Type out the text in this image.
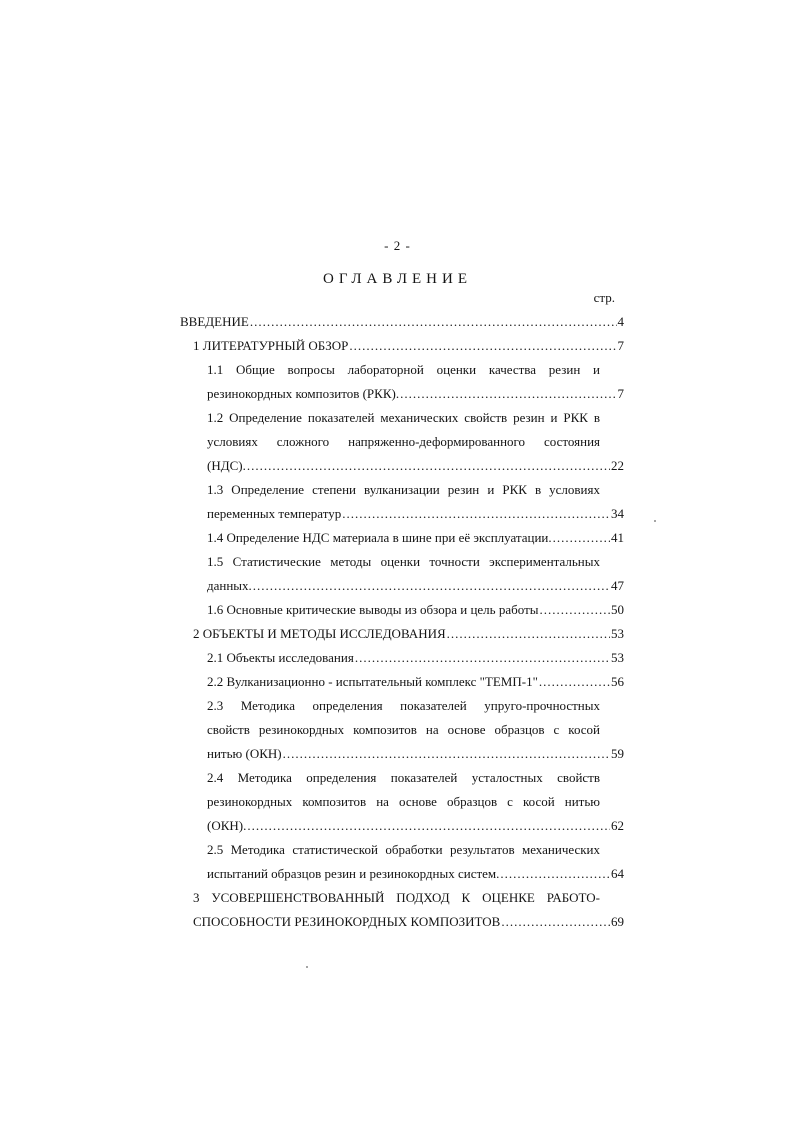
- 2 -
ОГЛАВЛЕНИЕ
стр.
ВВЕДЕНИЕ .....	4
1 ЛИТЕРАТУРНЫЙ ОБЗОР .....	7
1.1 Общие вопросы лабораторной оценки качества резин и
резинокордных композитов (РКК). .....	7
1.2 Определение показателей механических свойств резин и РКК в
условиях сложного напряженно-деформированного состояния
(НДС). .....	22
1.3 Определение степени вулканизации резин и РКК в условиях
переменных температур .....	34
1.4 Определение НДС материала в шине при её эксплуатации. .....	41
1.5 Статистические методы оценки точности экспериментальных
данных. .....	47
1.6 Основные критические выводы из обзора и цель работы .....	50
2 ОБЪЕКТЫ И МЕТОДЫ ИССЛЕДОВАНИЯ .....	53
2.1 Объекты исследования .....	53
2.2 Вулканизационно - испытательный комплекс "ТЕМП-1" .....	56
2.3 Методика определения показателей упруго-прочностных
свойств резинокордных композитов на основе образцов с косой
нитью (ОКН) .....	59
2.4 Методика определения показателей усталостных свойств
резинокордных композитов на основе образцов с косой нитью
(ОКН). .....	62
2.5 Методика статистической обработки результатов механических
испытаний образцов резин и резинокордных систем. .....	64
3 УСОВЕРШЕНСТВОВАННЫЙ ПОДХОД К ОЦЕНКЕ РАБОТО-
СПОСОБНОСТИ РЕЗИНОКОРДНЫХ КОМПОЗИТОВ .....	69
